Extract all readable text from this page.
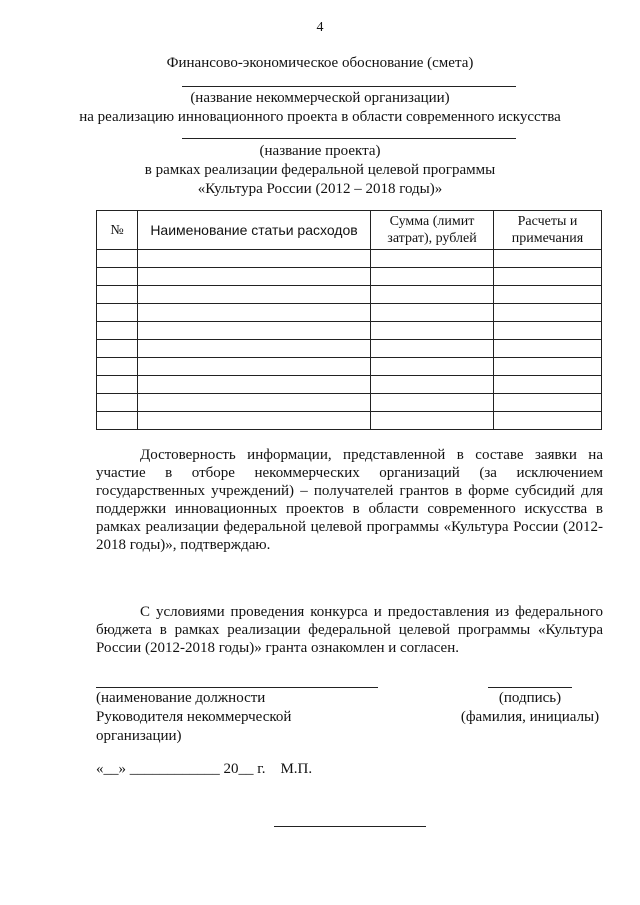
4
Финансово-экономическое обоснование (смета)
(название некоммерческой организации)
на реализацию инновационного проекта в области современного искусства
(название проекта)
в рамках реализации федеральной целевой программы
«Культура России (2012 – 2018 годы)»
№	Наименование статьи расходов	Сумма (лимит затрат), рублей	Расчеты и примечания

Достоверность информации, представленной в составе заявки на участие в отборе некоммерческих организаций (за исключением государственных учреждений) – получателей грантов в форме субсидий для поддержки инновационных проектов в области современного искусства в рамках реализации федеральной целевой программы «Культура России (2012-2018 годы)», подтверждаю.
С условиями проведения конкурса и предоставления из федерального бюджета в рамках реализации федеральной целевой программы «Культура России (2012-2018 годы)» гранта ознакомлен и согласен.
(наименование должности
Руководителя некоммерческой
организации)
(подпись)
(фамилия, инициалы)
«__» ____________ 20__ г.    М.П.
